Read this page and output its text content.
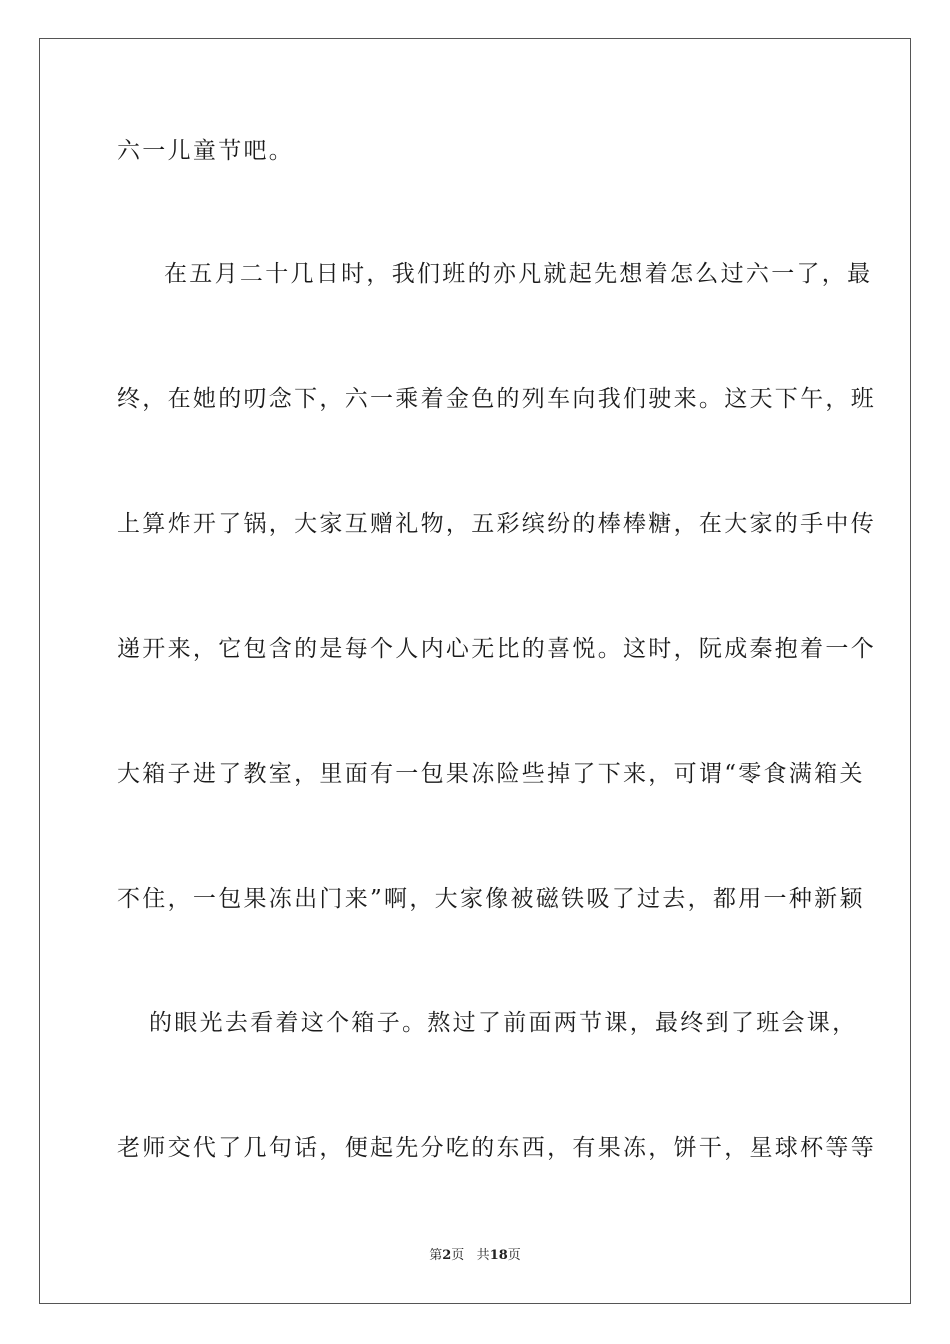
六一儿童节吧。
在五月二十几日时，我们班的亦凡就起先想着怎么过六一了，最
终，在她的叨念下，六一乘着金色的列车向我们驶来。这天下午，班
上算炸开了锅，大家互赠礼物，五彩缤纷的棒棒糖，在大家的手中传
递开来，它包含的是每个人内心无比的喜悦。这时，阮成秦抱着一个
大箱子进了教室，里面有一包果冻险些掉了下来，可谓“零食满箱关
不住，一包果冻出门来”啊，大家像被磁铁吸了过去，都用一种新颖
的眼光去看着这个箱子。熬过了前面两节课，最终到了班会课，
老师交代了几句话，便起先分吃的东西，有果冻，饼干，星球杯等等
第2页 共18页
